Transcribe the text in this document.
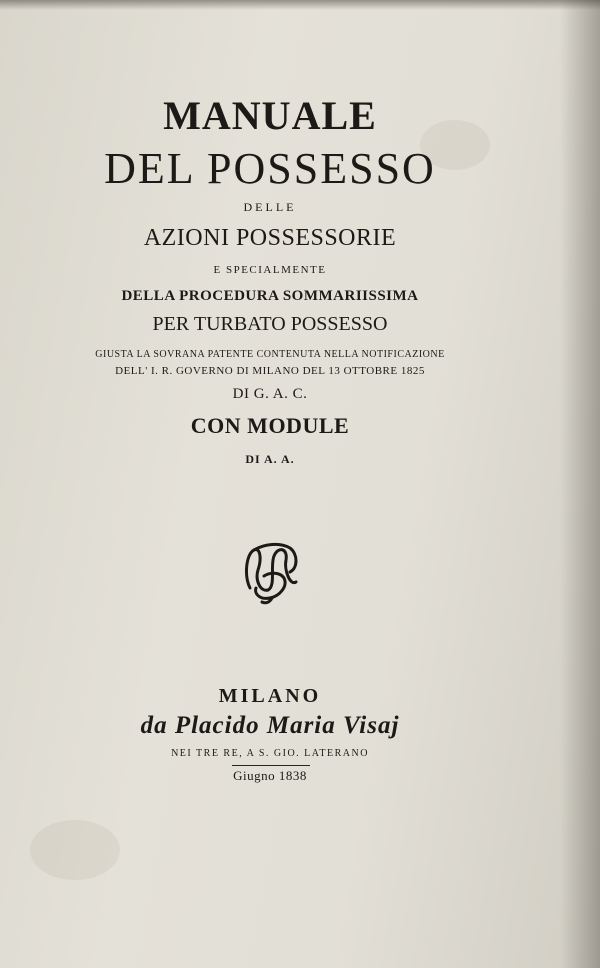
MANUALE
DEL POSSESSO
DELLE
AZIONI POSSESSORIE
E SPECIALMENTE
DELLA PROCEDURA SOMMARIISSIMA
PER TURBATO POSSESSO
GIUSTA LA SOVRANA PATENTE CONTENUTA NELLA NOTIFICAZIONE
DELL' I. R. GOVERNO DI MILANO DEL 13 OTTOBRE 1825
DI G. A. C.
CON MODULE
DI A. A.
MILANO
da Placido Maria Visaj
NEI TRE RE, A S. GIO. LATERANO
Giugno 1838
